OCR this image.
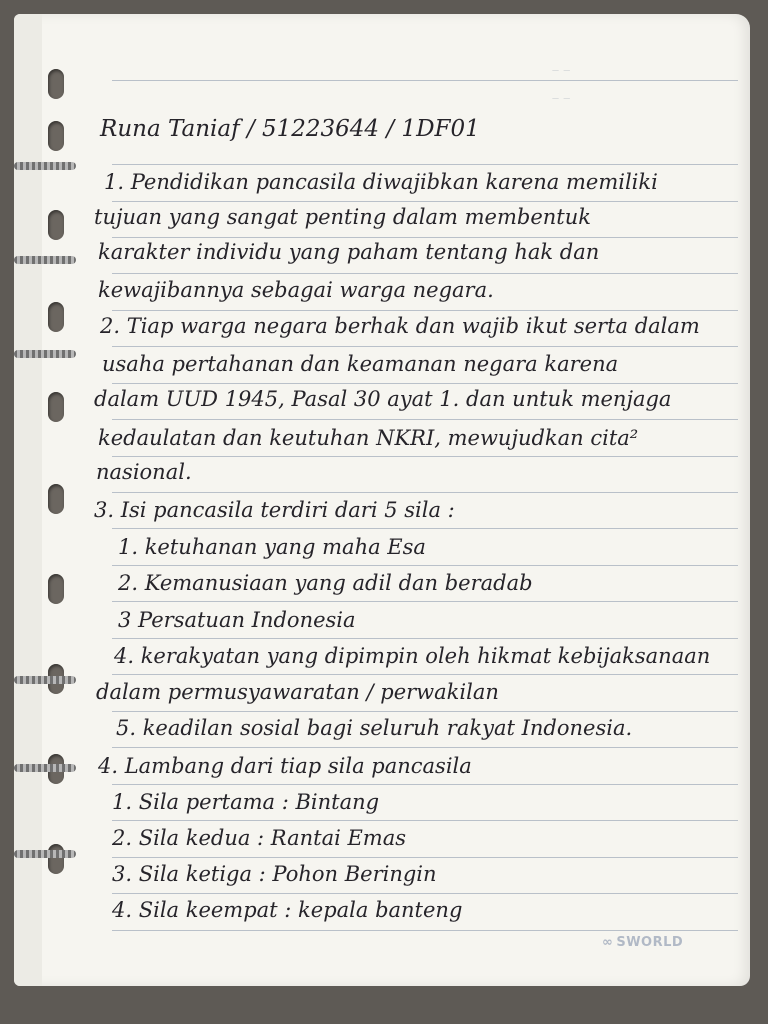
— —
— —
Runa Taniaf / 51223644 / 1DF01
1. Pendidikan pancasila diwajibkan karena memiliki
tujuan yang sangat penting dalam membentuk
karakter individu yang paham tentang hak dan
kewajibannya sebagai warga negara.
2. Tiap warga negara berhak dan wajib ikut serta dalam
usaha pertahanan dan keamanan negara karena
dalam UUD 1945, Pasal 30 ayat 1. dan untuk menjaga
kedaulatan dan keutuhan NKRI, mewujudkan cita²
nasional.
3. Isi pancasila terdiri dari 5 sila :
1. ketuhanan yang maha Esa
2. Kemanusiaan yang adil dan beradab
3 Persatuan Indonesia
4. kerakyatan yang dipimpin oleh hikmat kebijaksanaan
dalam permusyawaratan / perwakilan
5. keadilan sosial bagi seluruh rakyat Indonesia.
4. Lambang dari tiap sila pancasila
1. Sila pertama : Bintang
2. Sila kedua : Rantai Emas
3. Sila ketiga : Pohon Beringin
4. Sila keempat : kepala banteng
∞ SWORLD
